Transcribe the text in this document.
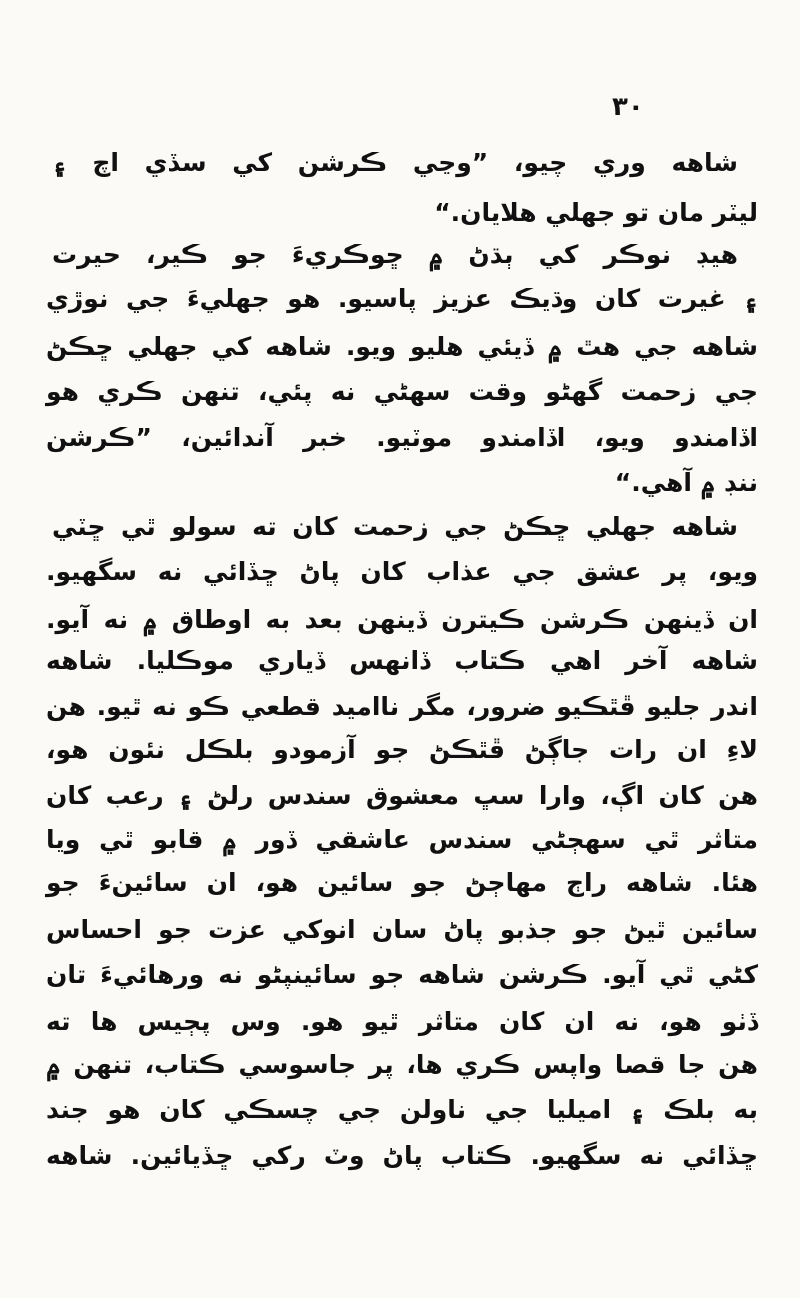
۳۰
شاهه وري چيو، ”وڃي ڪرشن کي سڏي اچ ۽
ليٽر مان تو جهلي هلايان.“
هيڊ نوڪر کي ٻڌڻ ۾ ڇوڪريءَ جو ڪير، حيرت
۽ غيرت کان وڌيڪ عزيز پاسيو. هو جهليءَ جي نوڙي
شاهه جي هٿ ۾ ڏيئي هليو ويو. شاهه کي جهلي ڇڪڻ
جي زحمت گهڻو وقت سهڻي نه پئي، تنهن ڪري هو
اڏامندو ويو، اڏامندو موٽيو. خبر آندائين، ”ڪرشن
ننڊ ۾ آهي.“
شاهه جهلي ڇڪڻ جي زحمت کان ته سولو ٿي ڇٽي
ويو، پر عشق جي عذاب کان پاڻ ڇڏائي نه سگهيو.
ان ڏينهن ڪرشن ڪيترن ڏينهن بعد به اوطاق ۾ نه آيو.
شاهه آخر اهي ڪتاب ڏانهس ڏياري موڪليا. شاهه
اندر جليو ڦٿڪيو ضرور، مگر نااميد قطعي ڪو نه ٿيو. هن
لاءِ ان رات جاڳڻ ڦٿڪڻ جو آزمودو بلڪل نئون هو،
هن کان اڳ، وارا سڀ معشوق سندس رلڻ ۽ رعب کان
متاثر ٿي سهڄڻي سندس عاشقي ڏور ۾ قابو ٿي ويا
هئا. شاهه راڄ مهاڄڻ جو سائين هو، ان سائينءَ جو
سائين ٿيڻ جو جذبو پاڻ سان انوکي عزت جو احساس
کڻي ٿي آيو. ڪرشن شاهه جو سائينپڻو نه ورهائيءَ تان
ڏٺو هو، نه ان کان متاثر ٿيو هو. وس پڄيس ها ته
هن جا قصا واپس ڪري ها، پر جاسوسي ڪتاب، تنهن ۾
به بلڪ ۽ اميليا جي ناولن جي چسڪي کان هو جند
ڇڏائي نه سگهيو. ڪتاب پاڻ وٽ رکي ڇڏيائين. شاهه
